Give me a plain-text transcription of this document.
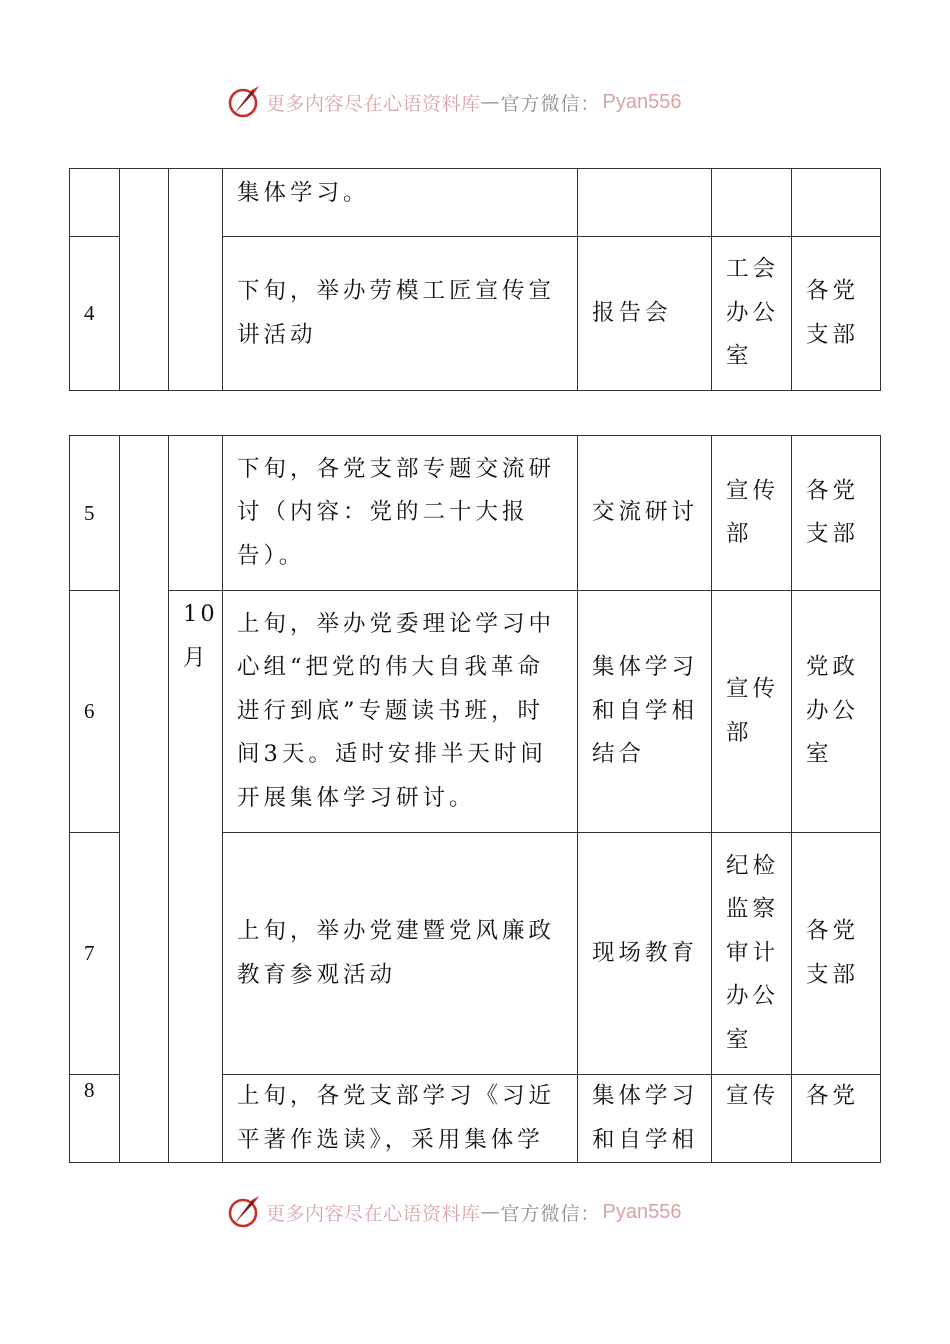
更多内容尽在心语资料库 — 官方微信： Pyan556
			集体学习。			
4			下旬，举办劳模工匠宣传宣讲活动	报告会	工会办公室	各党支部
5			下旬，各党支部专题交流研讨（内容：党的二十大报告）。	交流研讨	宣传部	各党支部
6		10月	上旬，举办党委理论学习中心组“把党的伟大自我革命进行到底”专题读书班，时间3天。适时安排半天时间开展集体学习研讨。	集体学习和自学相结合	宣传部	党政办公室
7			上旬，举办党建暨党风廉政教育参观活动	现场教育	纪检监察审计办公室	各党支部
8			上旬，各党支部学习《习近平著作选读》，采用集体学	集体学习和自学相	宣传	各党
更多内容尽在心语资料库 — 官方微信： Pyan556
